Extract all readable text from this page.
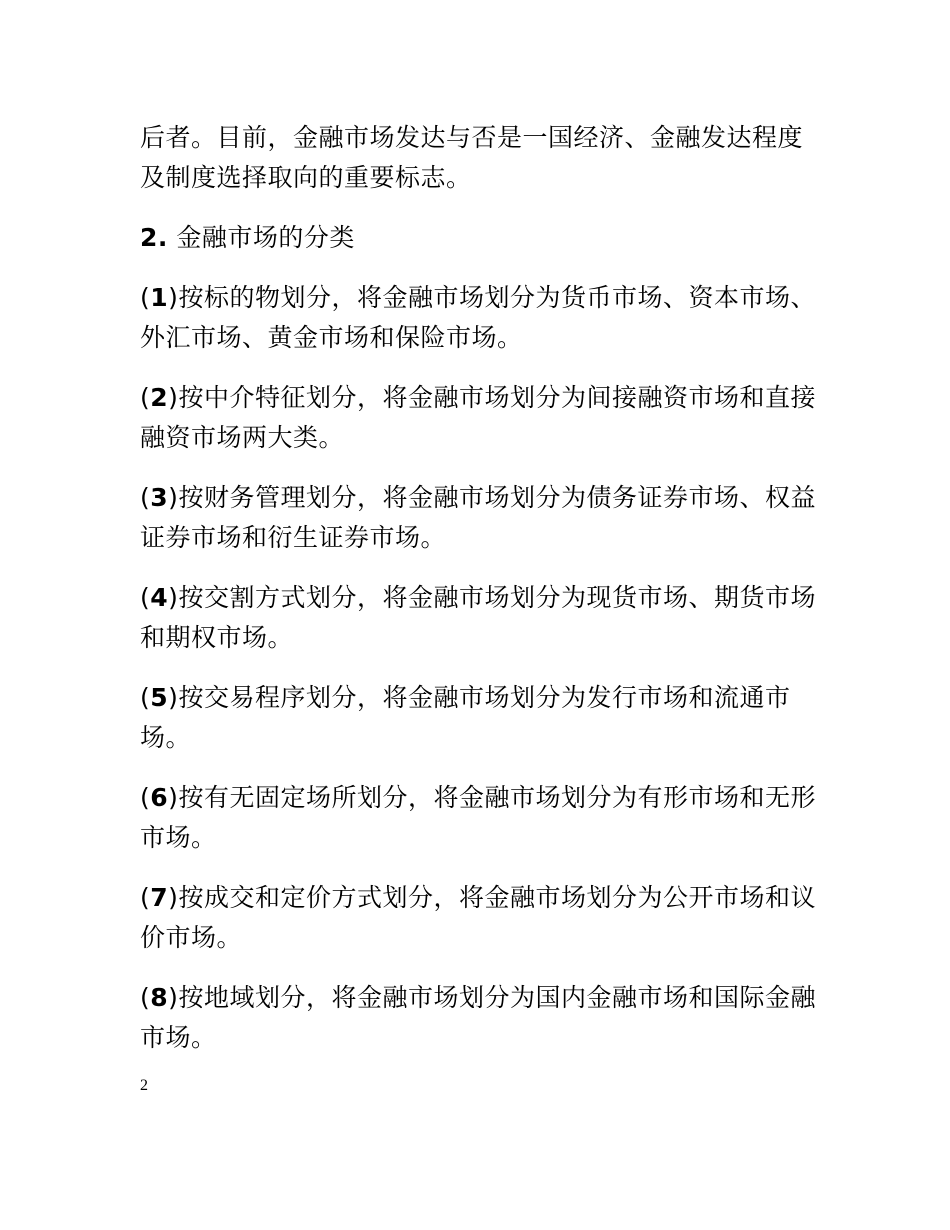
后者。目前，金融市场发达与否是一国经济、金融发达程度及制度选择取向的重要标志。

2. 金融市场的分类

(1)按标的物划分，将金融市场划分为货币市场、资本市场、外汇市场、黄金市场和保险市场。

(2)按中介特征划分，将金融市场划分为间接融资市场和直接融资市场两大类。

(3)按财务管理划分，将金融市场划分为债务证券市场、权益证券市场和衍生证券市场。

(4)按交割方式划分，将金融市场划分为现货市场、期货市场和期权市场。

(5)按交易程序划分，将金融市场划分为发行市场和流通市场。

(6)按有无固定场所划分，将金融市场划分为有形市场和无形市场。

(7)按成交和定价方式划分，将金融市场划分为公开市场和议价市场。

(8)按地域划分，将金融市场划分为国内金融市场和国际金融市场。

2
